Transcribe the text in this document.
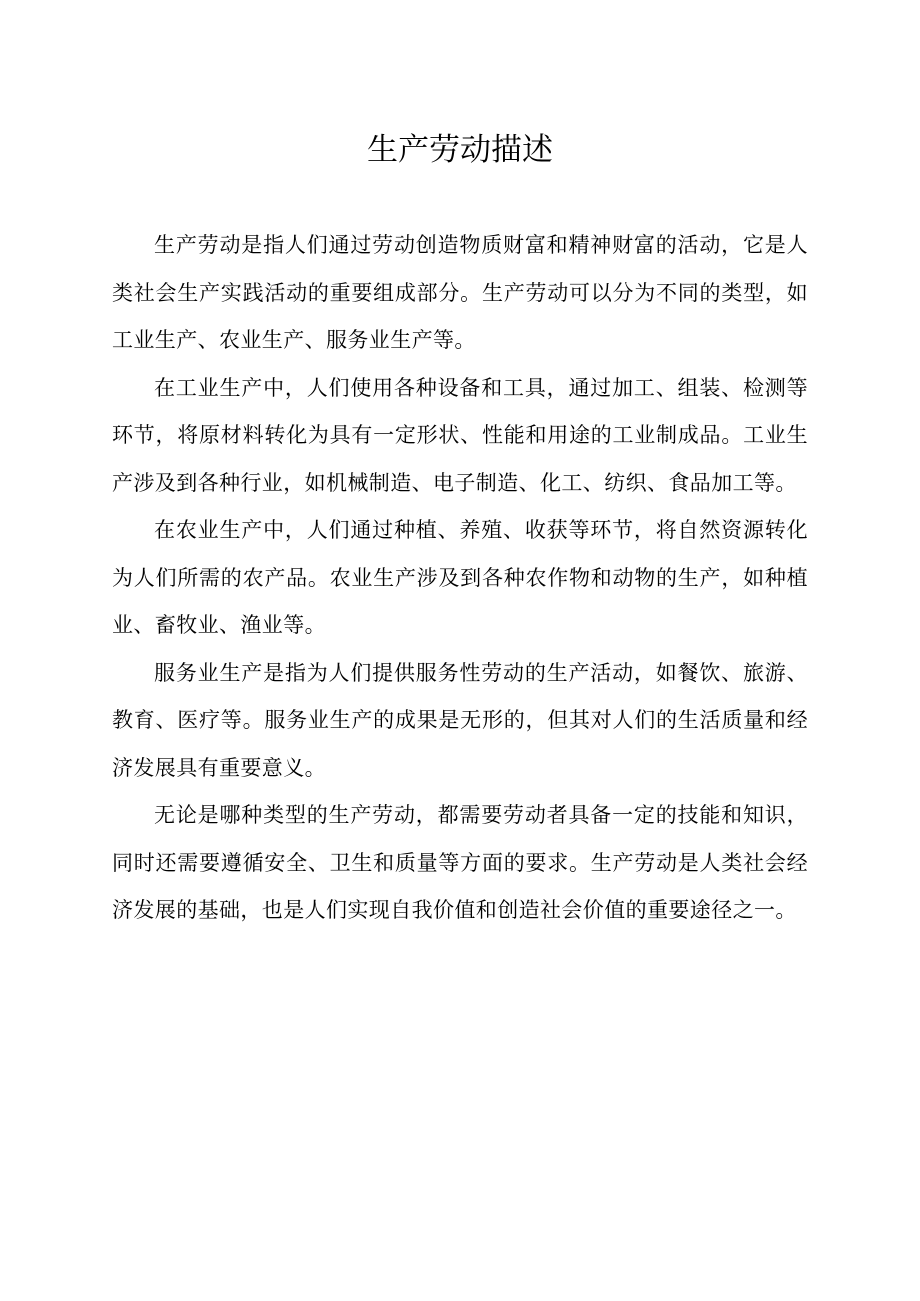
生产劳动描述

生产劳动是指人们通过劳动创造物质财富和精神财富的活动，它是人类社会生产实践活动的重要组成部分。生产劳动可以分为不同的类型，如工业生产、农业生产、服务业生产等。

在工业生产中，人们使用各种设备和工具，通过加工、组装、检测等环节，将原材料转化为具有一定形状、性能和用途的工业制成品。工业生产涉及到各种行业，如机械制造、电子制造、化工、纺织、食品加工等。

在农业生产中，人们通过种植、养殖、收获等环节，将自然资源转化为人们所需的农产品。农业生产涉及到各种农作物和动物的生产，如种植业、畜牧业、渔业等。

服务业生产是指为人们提供服务性劳动的生产活动，如餐饮、旅游、教育、医疗等。服务业生产的成果是无形的，但其对人们的生活质量和经济发展具有重要意义。

无论是哪种类型的生产劳动，都需要劳动者具备一定的技能和知识，同时还需要遵循安全、卫生和质量等方面的要求。生产劳动是人类社会经济发展的基础，也是人们实现自我价值和创造社会价值的重要途径之一。
